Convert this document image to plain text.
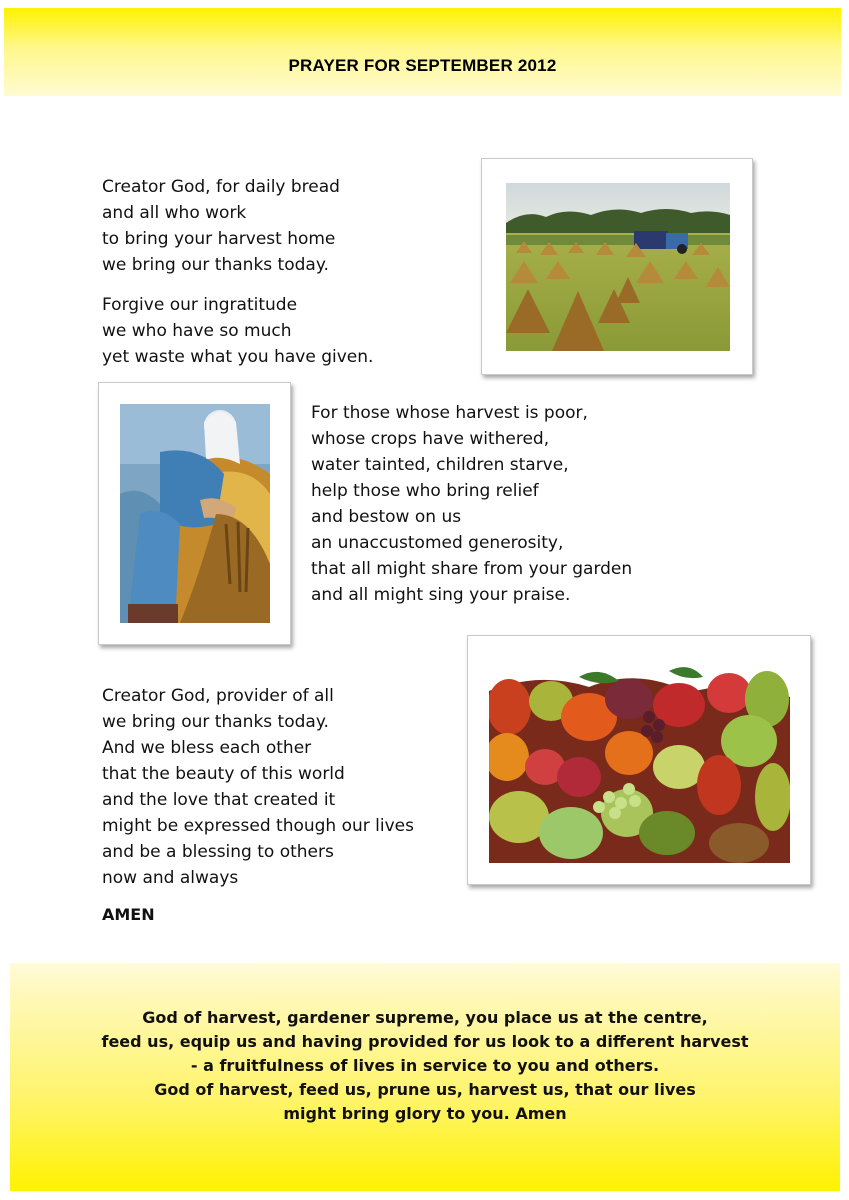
PRAYER FOR SEPTEMBER 2012
Creator God, for daily bread
and all who work
to bring your harvest home
we bring our thanks today.
Forgive our ingratitude
we who have so much
yet waste what you have given.
For those whose harvest is poor,
whose crops have withered,
water tainted, children starve,
help those who bring relief
and bestow on us
an unaccustomed generosity,
that all might share from your garden
and all might sing your praise.
Creator God, provider of all
we bring our thanks today.
And we bless each other
that the beauty of this world
and the love that created it
might be expressed though our lives
and be a blessing to others
now and always
AMEN
God of harvest, gardener supreme, you place us at the centre,
feed us, equip us and having provided for us look to a different harvest
- a fruitfulness of lives in service to you and others.
God of harvest, feed us, prune us, harvest us, that our lives
might bring glory to you. Amen
